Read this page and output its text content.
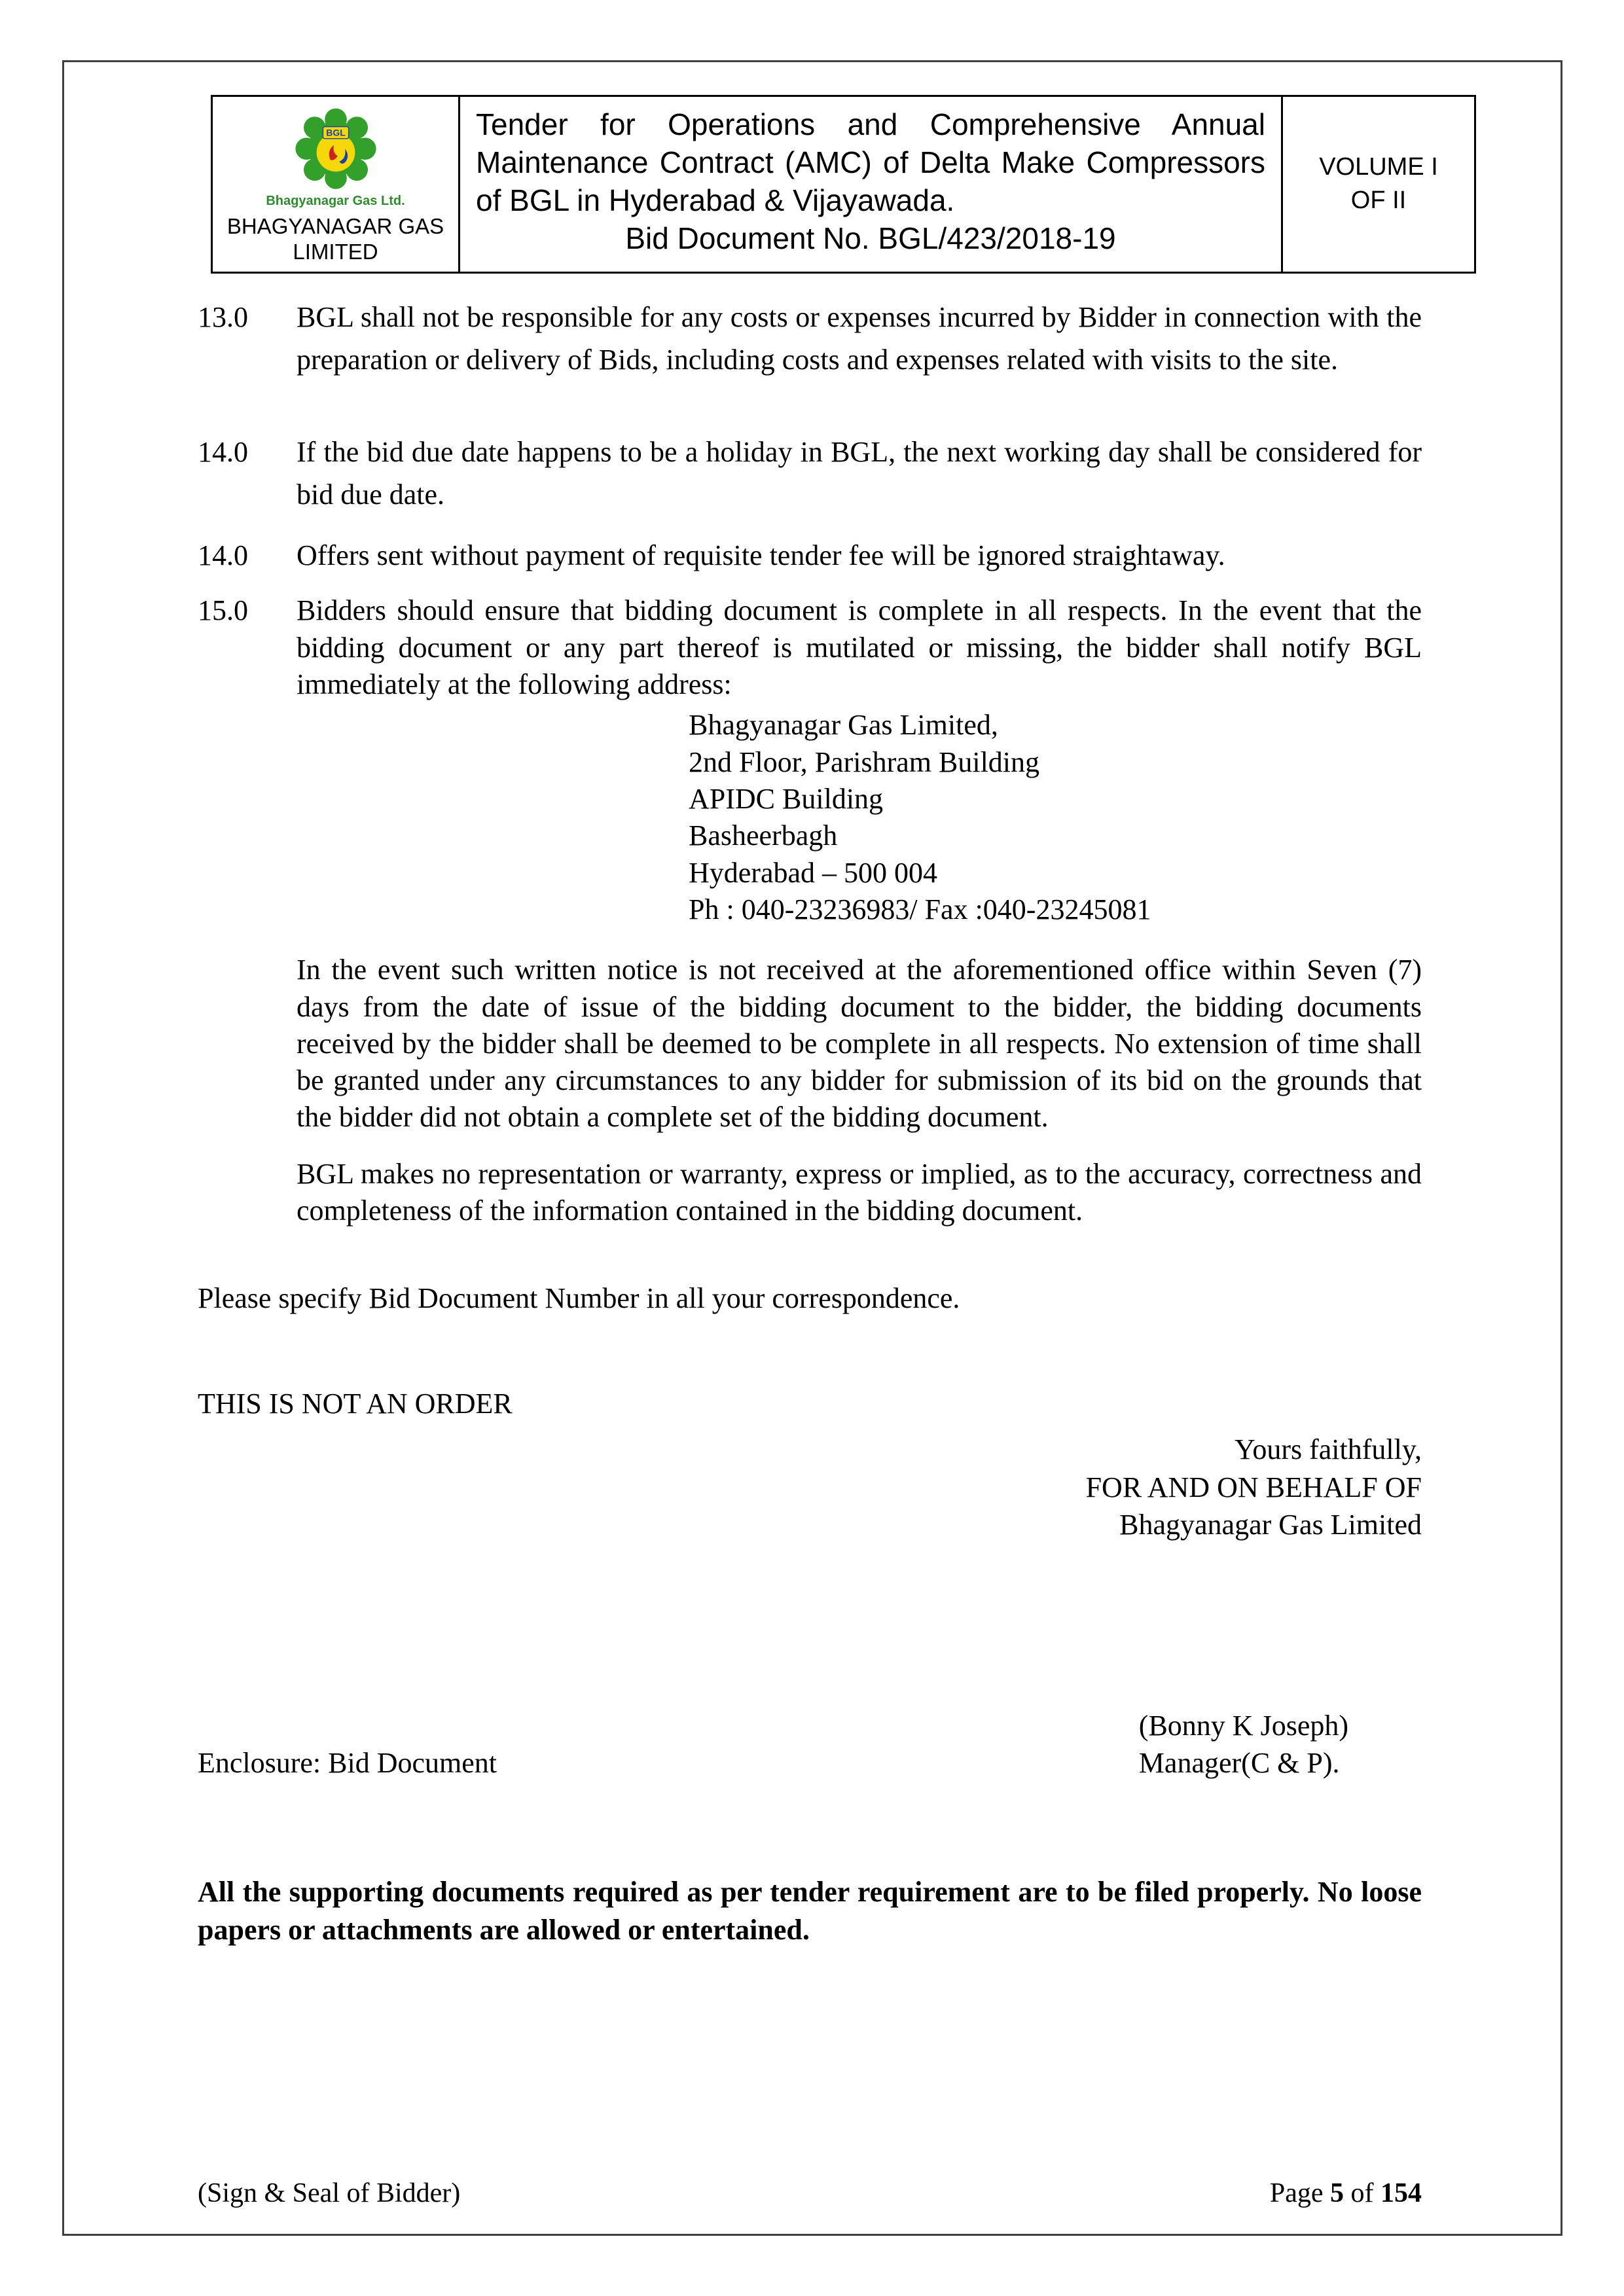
BGL
Bhagyanagar Gas Ltd.
BHAGYANAGAR GAS
LIMITED
Tender for Operations and Comprehensive Annual Maintenance Contract (AMC) of Delta Make Compressors of BGL in Hyderabad & Vijayawada.
Bid Document No. BGL/423/2018-19
VOLUME I
OF II
13.0	BGL shall not be responsible for any costs or expenses incurred by Bidder in connection with the preparation or delivery of Bids, including costs and expenses related with visits to the site.
14.0	If the bid due date happens to be a holiday in BGL, the next working day shall be considered for bid due date.
14.0	Offers sent without payment of requisite tender fee will be ignored straightaway.
15.0	Bidders should ensure that bidding document is complete in all respects. In the event that the bidding document or any part thereof is mutilated or missing, the bidder shall notify BGL immediately at the following address:
Bhagyanagar Gas Limited,
2nd Floor, Parishram Building
APIDC Building
Basheerbagh
Hyderabad – 500 004
Ph : 040-23236983/ Fax :040-23245081
In the event such written notice is not received at the aforementioned office within Seven (7) days from the date of issue of the bidding document to the bidder, the bidding documents received by the bidder shall be deemed to be complete in all respects. No extension of time shall be granted under any circumstances to any bidder for submission of its bid on the grounds that the bidder did not obtain a complete set of the bidding document.
BGL makes no representation or warranty, express or implied, as to the accuracy, correctness and completeness of the information contained in the bidding document.
Please specify Bid Document Number in all your correspondence.
THIS IS NOT AN ORDER
Yours faithfully,
FOR AND ON BEHALF OF
Bhagyanagar Gas Limited
Enclosure: Bid Document
(Bonny K Joseph)
Manager(C & P).
All the supporting documents required as per tender requirement are to be filed properly. No loose papers or attachments are allowed or entertained.
(Sign & Seal of Bidder)	Page 5 of 154
